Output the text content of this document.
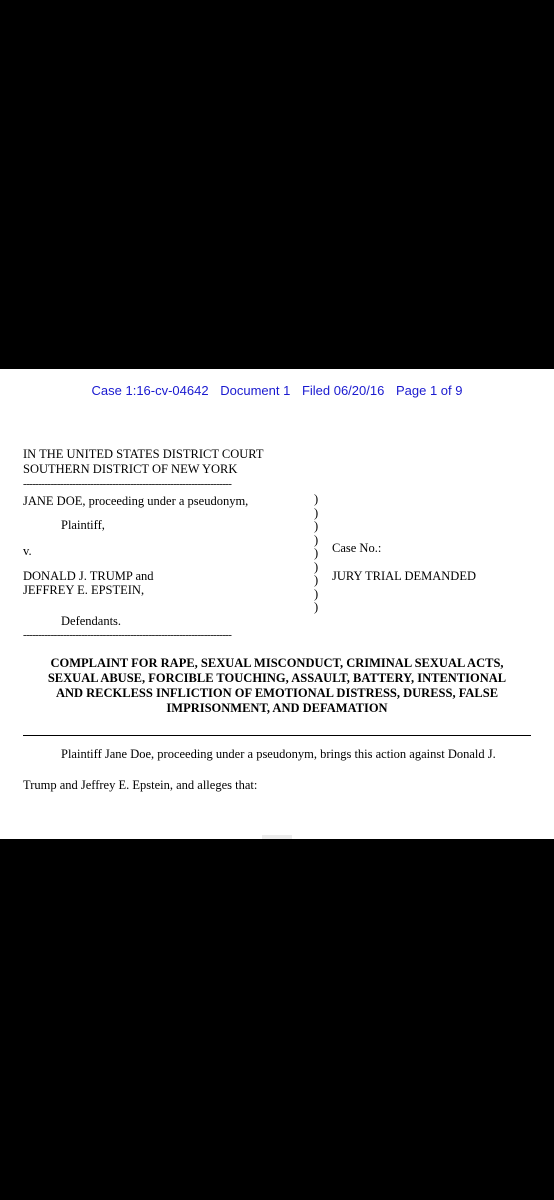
Case 1:16-cv-04642 Document 1 Filed 06/20/16 Page 1 of 9
IN THE UNITED STATES DISTRICT COURT
SOUTHERN DISTRICT OF NEW YORK
--------------------------------------------------------------------
JANE DOE, proceeding under a pseudonym,
Plaintiff,
v.
DONALD J. TRUMP and
JEFFREY E. EPSTEIN,
Defendants.
--------------------------------------------------------------------
)
)
)
)
)
)
)
)
)
Case No.:
JURY TRIAL DEMANDED
COMPLAINT FOR RAPE, SEXUAL MISCONDUCT, CRIMINAL SEXUAL ACTS,
SEXUAL ABUSE, FORCIBLE TOUCHING, ASSAULT, BATTERY, INTENTIONAL
AND RECKLESS INFLICTION OF EMOTIONAL DISTRESS, DURESS, FALSE
IMPRISONMENT, AND DEFAMATION
Plaintiff Jane Doe, proceeding under a pseudonym, brings this action against Donald J.
Trump and Jeffrey E. Epstein, and alleges that:
